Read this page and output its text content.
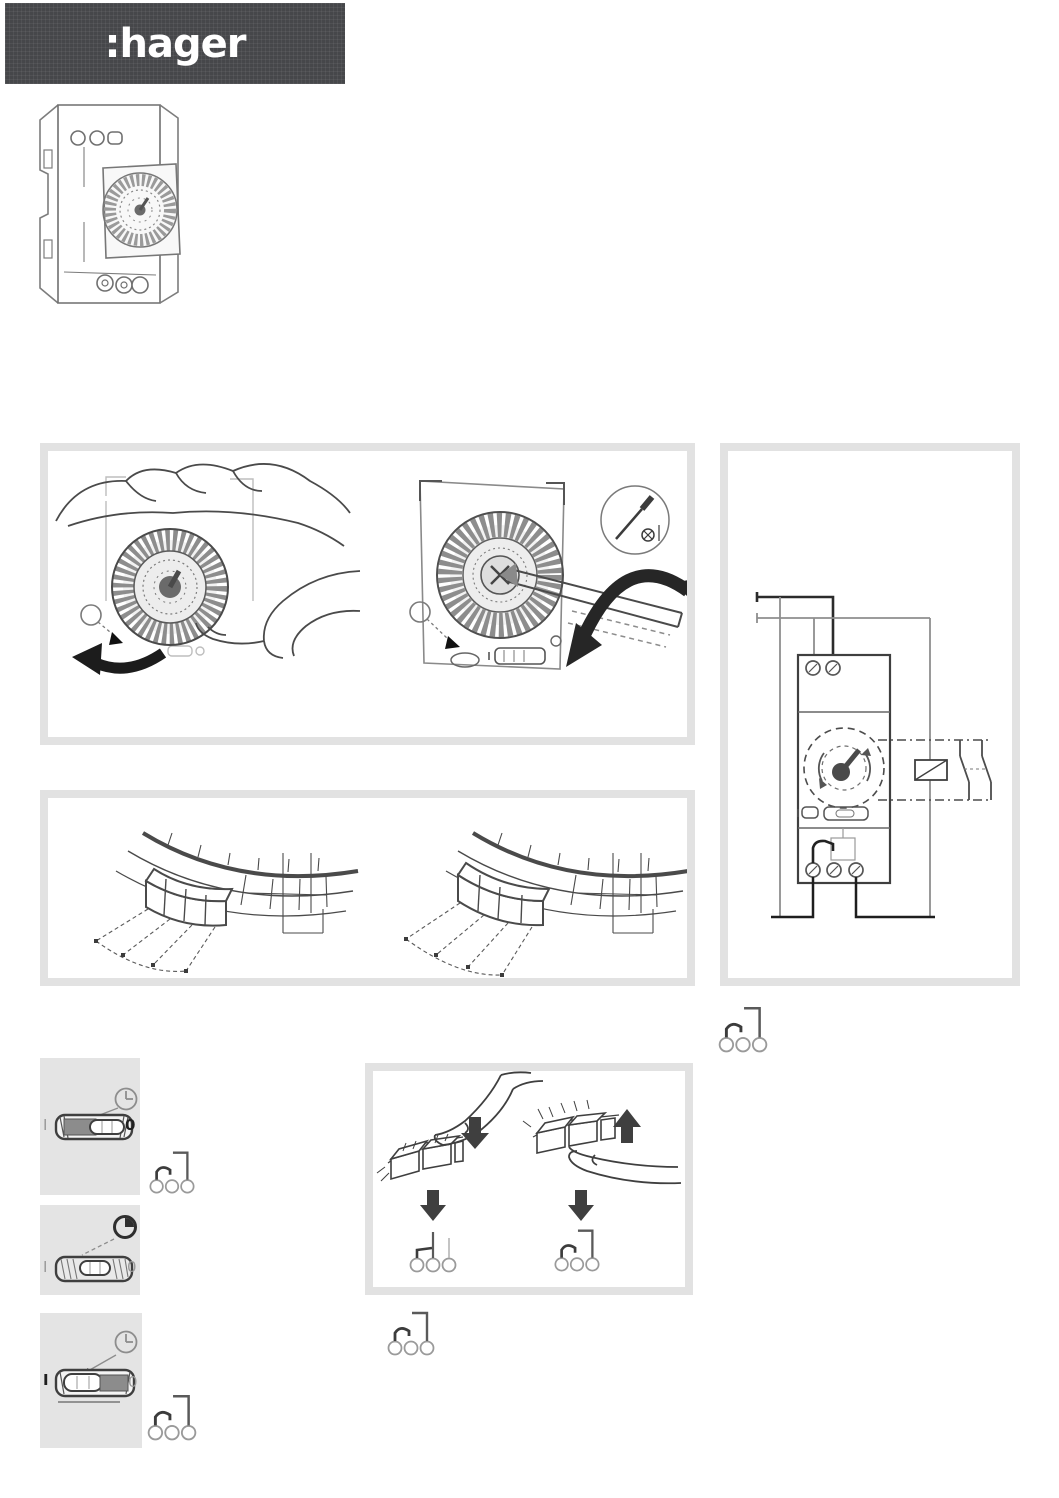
:hager
I	0
I	0
I	0
